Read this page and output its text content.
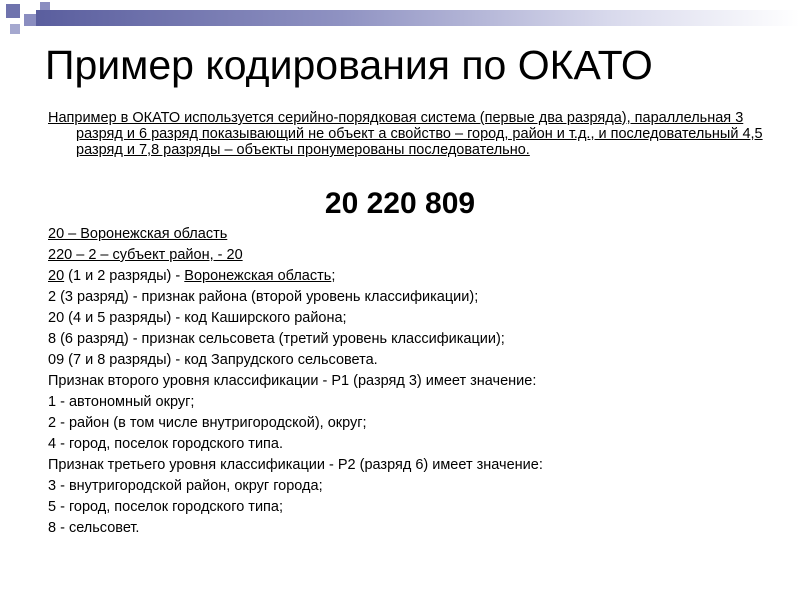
Пример кодирования по ОКАТО

Например в ОКАТО используется серийно-порядковая система (первые два разряда), параллельная 3 разряд и 6 разряд показывающий не объект а свойство – город, район и т.д., и последовательный 4,5 разряд и 7,8 разряды – объекты пронумерованы последовательно.

20 220 809
20 – Воронежская область
220 – 2 – субъект район, - 20
20 (1 и 2 разряды) - Воронежская область;
2 (3 разряд) - признак района (второй уровень классификации);
20 (4 и 5 разряды) - код Каширского района;
8 (6 разряд) - признак сельсовета (третий уровень классификации);
09 (7 и 8 разряды) - код Запрудского сельсовета.
Признак второго уровня классификации - Р1 (разряд 3) имеет значение:
1 - автономный округ;
2 - район (в том числе внутригородской), округ;
4 - город, поселок городского типа.
Признак третьего уровня классификации - Р2 (разряд 6) имеет значение:
3 - внутригородской район, округ города;
5 - город, поселок городского типа;
8 - сельсовет.
